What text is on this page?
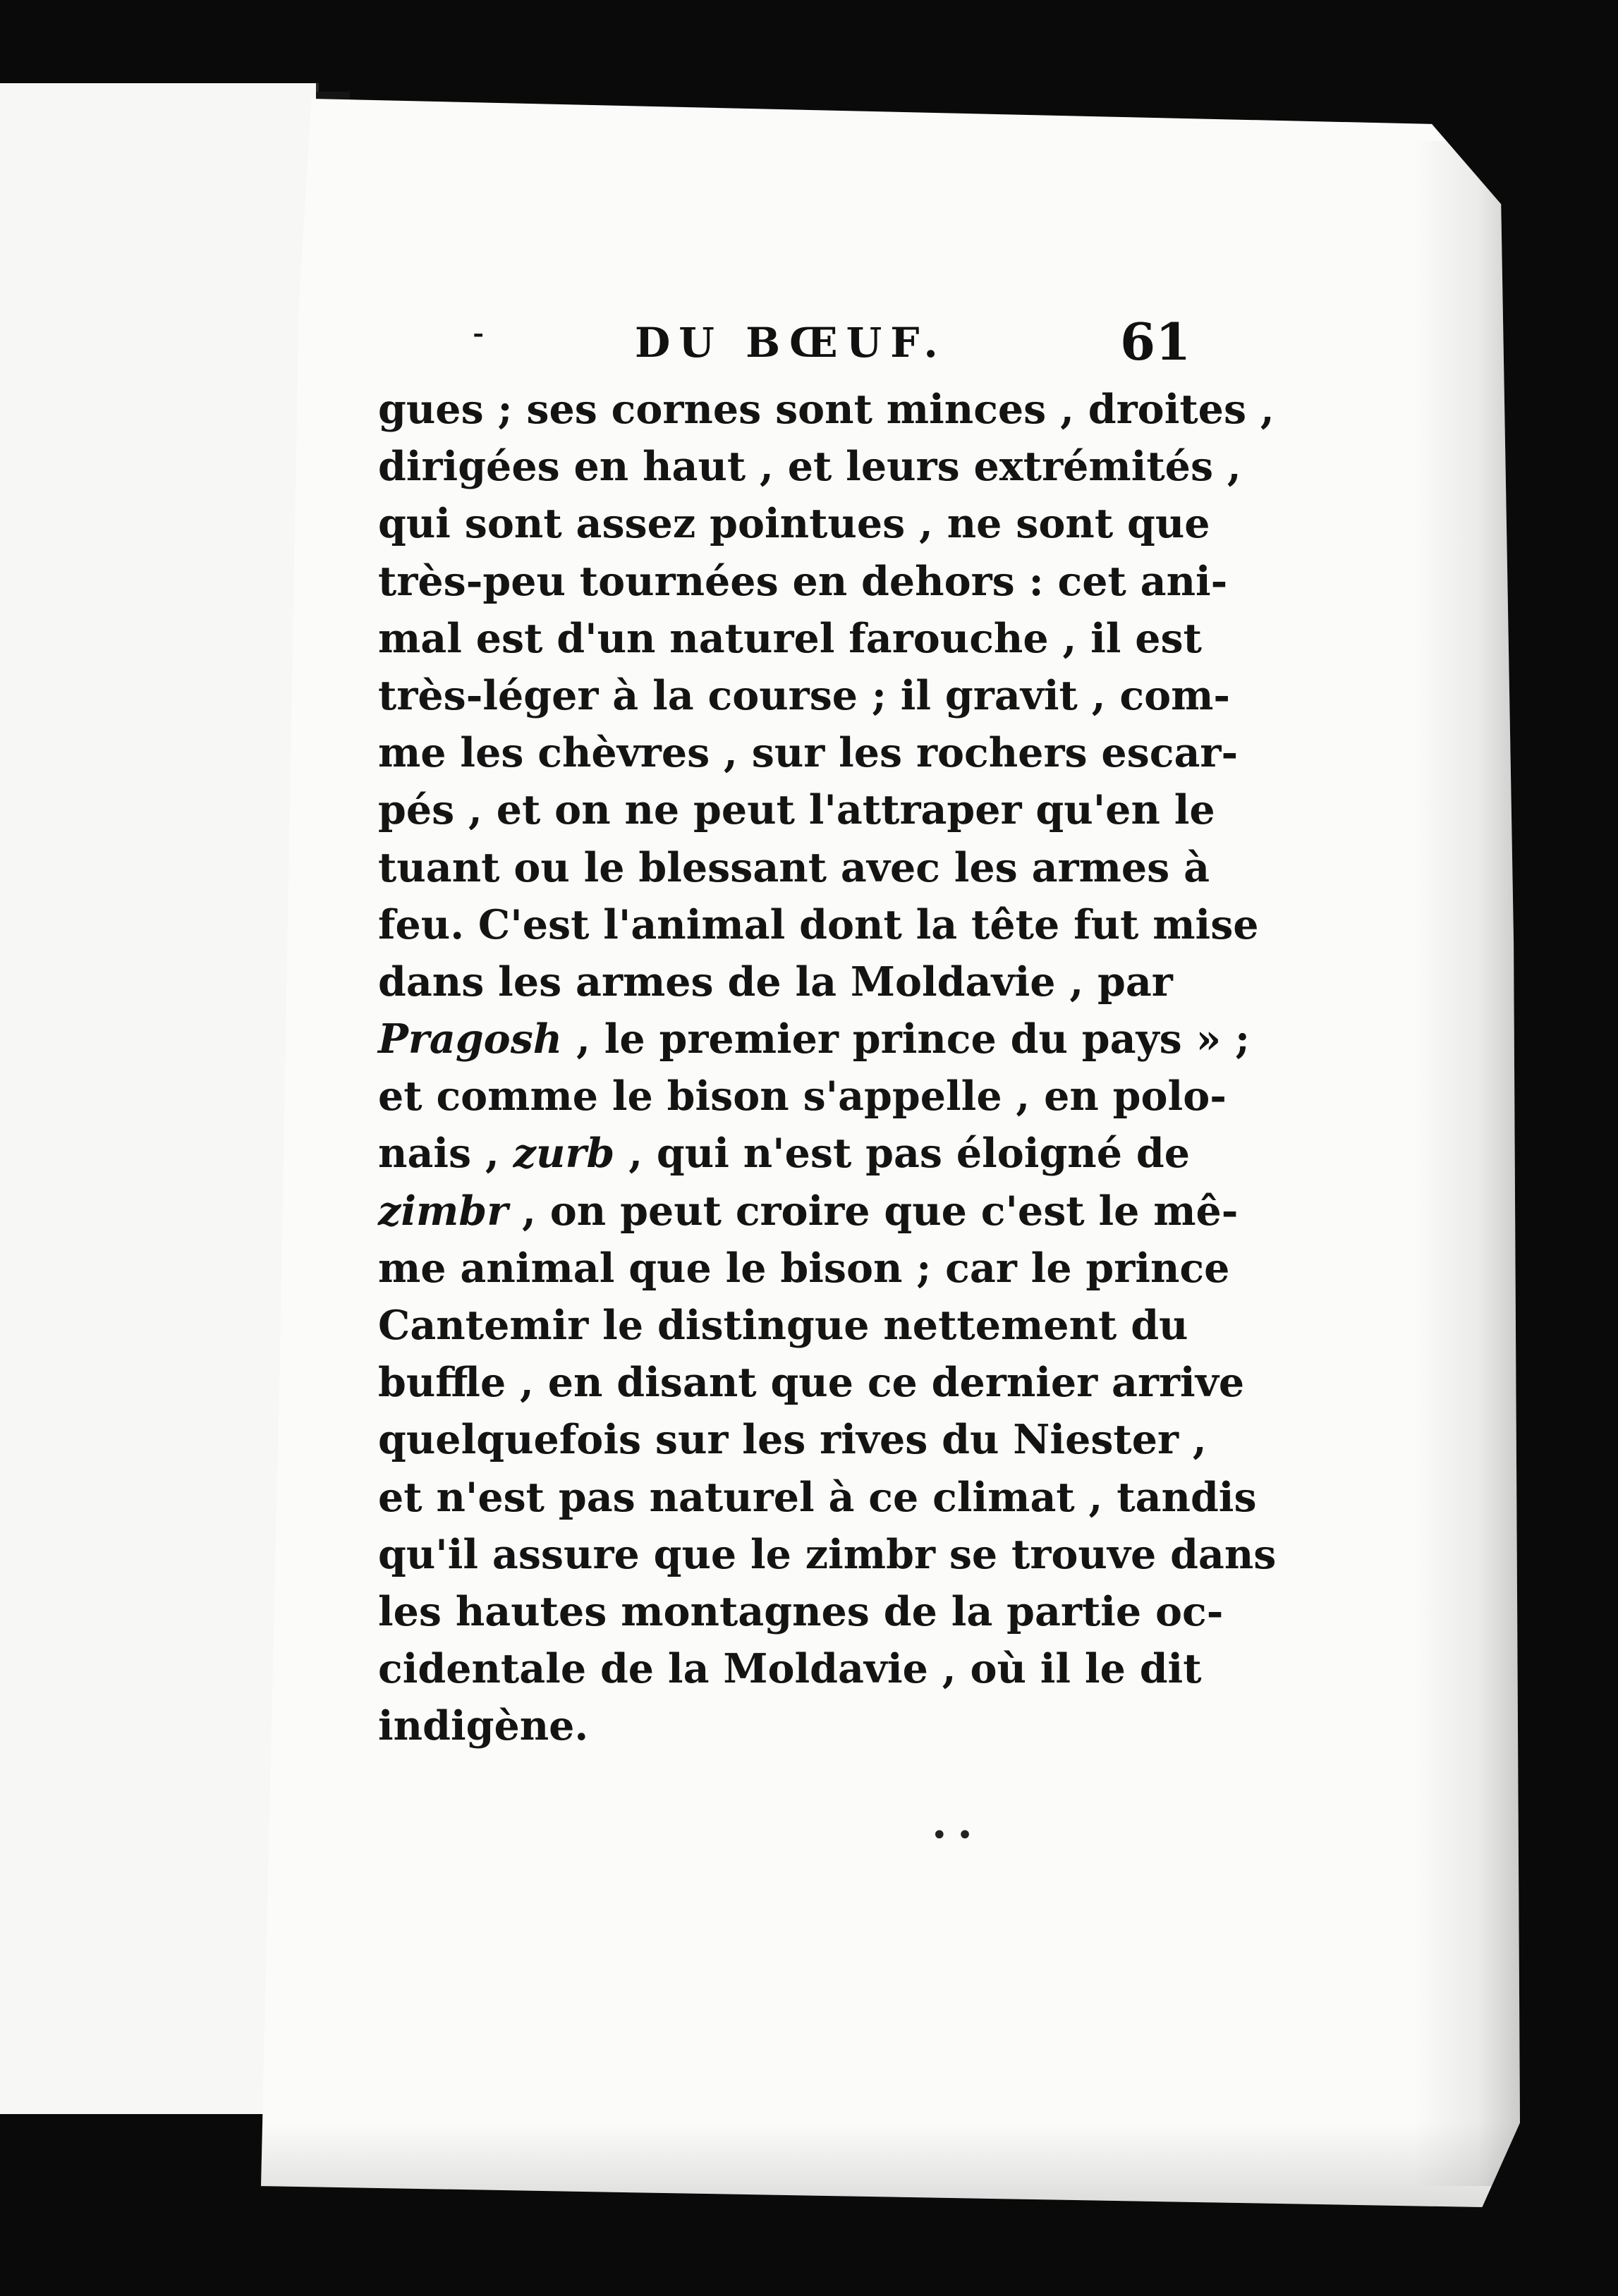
⁃	DU BŒUF.	61
gues ; ses cornes sont minces , droites ,
dirigées en haut , et leurs extrémités ,
qui sont assez pointues , ne sont que
très-peu tournées en dehors : cet ani-
mal est d'un naturel farouche , il est
très-léger à la course ; il gravit , com-
me les chèvres , sur les rochers escar-
pés , et on ne peut l'attraper qu'en le
tuant ou le blessant avec les armes à
feu. C'est l'animal dont la tête fut mise
dans les armes de la Moldavie , par
Pragosh , le premier prince du pays » ;
et comme le bison s'appelle , en polo-
nais , zurb , qui n'est pas éloigné de
zimbr , on peut croire que c'est le mê-
me animal que le bison ; car le prince
Cantemir le distingue nettement du
buffle , en disant que ce dernier arrive
quelquefois sur les rives du Niester ,
et n'est pas naturel à ce climat , tandis
qu'il assure que le zimbr se trouve dans
les hautes montagnes de la partie oc-
cidentale de la Moldavie , où il le dit
indigène.
• •
